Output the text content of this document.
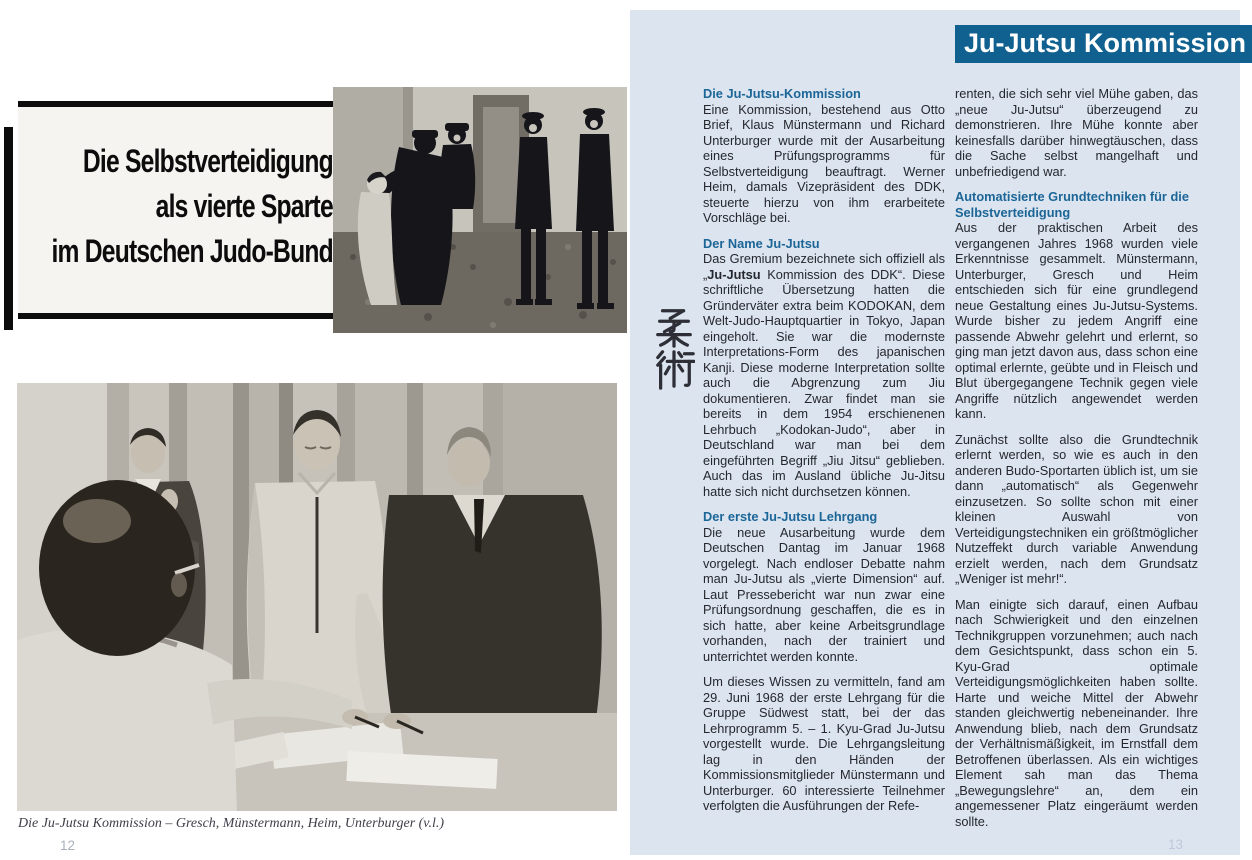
Die Selbstverteidigung
als vierte Sparte
im Deutschen Judo-Bund
Die Ju-Jutsu Kommission – Gresch, Münstermann, Heim, Unterburger (v.l.)
12
Ju-Jutsu Kommission
Die Ju-Jutsu-Kommission

Eine Kommission, bestehend aus Otto Brief, Klaus Münstermann und Richard Unterburger wurde mit der Ausarbeitung eines Prüfungsprogramms für Selbstverteidigung beauftragt. Werner Heim, damals Vizepräsident des DDK, steuerte hierzu von ihm erarbeitete Vorschläge bei.

Der Name Ju-Jutsu

Das Gremium bezeichnete sich offiziell als „Ju-Jutsu Kommission des DDK“. Diese schriftliche Übersetzung hatten die Gründerväter extra beim KODOKAN, dem Welt-Judo-Hauptquartier in Tokyo, Japan eingeholt. Sie war die modernste Interpretations-Form des japanischen Kanji. Diese moderne Interpretation sollte auch die Abgrenzung zum Jiu dokumentieren. Zwar findet man sie bereits in dem 1954 erschienenen Lehrbuch „Kodokan-Judo“, aber in Deutschland war man bei dem eingeführten Begriff „Jiu Jitsu“ geblieben. Auch das im Ausland übliche Ju-Jitsu hatte sich nicht durchsetzen können.

Der erste Ju-Jutsu Lehrgang

Die neue Ausarbeitung wurde dem Deutschen Dantag im Januar 1968 vorgelegt. Nach endloser Debatte nahm man Ju-Jutsu als „vierte Dimension“ auf. Laut Pressebericht war nun zwar eine Prüfungsordnung geschaffen, die es in sich hatte, aber keine Arbeitsgrundlage vorhanden, nach der trainiert und unterrichtet werden konnte.

Um dieses Wissen zu vermitteln, fand am 29. Juni 1968 der erste Lehrgang für die Gruppe Südwest statt, bei der das Lehrprogramm 5. – 1. Kyu-Grad Ju-Jutsu vorgestellt wurde. Die Lehrgangsleitung lag in den Händen der Kommissionsmitglieder Münstermann und Unterburger. 60 interessierte Teilnehmer verfolgten die Ausführungen der Refe-

renten, die sich sehr viel Mühe gaben, das „neue Ju-Jutsu“ überzeugend zu demonstrieren. Ihre Mühe konnte aber keinesfalls darüber hinwegtäuschen, dass die Sache selbst mangelhaft und unbefriedigend war.

Automatisierte Grundtechniken für die Selbstverteidigung

Aus der praktischen Arbeit des vergangenen Jahres 1968 wurden viele Erkenntnisse gesammelt. Münstermann, Unterburger, Gresch und Heim entschieden sich für eine grundlegend neue Gestaltung eines Ju-Jutsu-Systems. Wurde bisher zu jedem Angriff eine passende Abwehr gelehrt und erlernt, so ging man jetzt davon aus, dass schon eine optimal erlernte, geübte und in Fleisch und Blut übergegangene Technik gegen viele Angriffe nützlich angewendet werden kann.

Zunächst sollte also die Grundtechnik erlernt werden, so wie es auch in den anderen Budo-Sportarten üblich ist, um sie dann „automatisch“ als Gegenwehr einzusetzen. So sollte schon mit einer kleinen Auswahl von Verteidigungstechniken ein größtmöglicher Nutzeffekt durch variable Anwendung erzielt werden, nach dem Grundsatz „Weniger ist mehr!“.

Man einigte sich darauf, einen Aufbau nach Schwierigkeit und den einzelnen Technikgruppen vorzunehmen; auch nach dem Gesichtspunkt, dass schon ein 5. Kyu-Grad optimale Verteidigungsmöglichkeiten haben sollte. Harte und weiche Mittel der Abwehr standen gleichwertig nebeneinander. Ihre Anwendung blieb, nach dem Grundsatz der Verhältnismäßigkeit, im Ernstfall dem Betroffenen überlassen. Als ein wichtiges Element sah man das Thema „Bewegungslehre“ an, dem ein angemessener Platz eingeräumt werden sollte.

13
